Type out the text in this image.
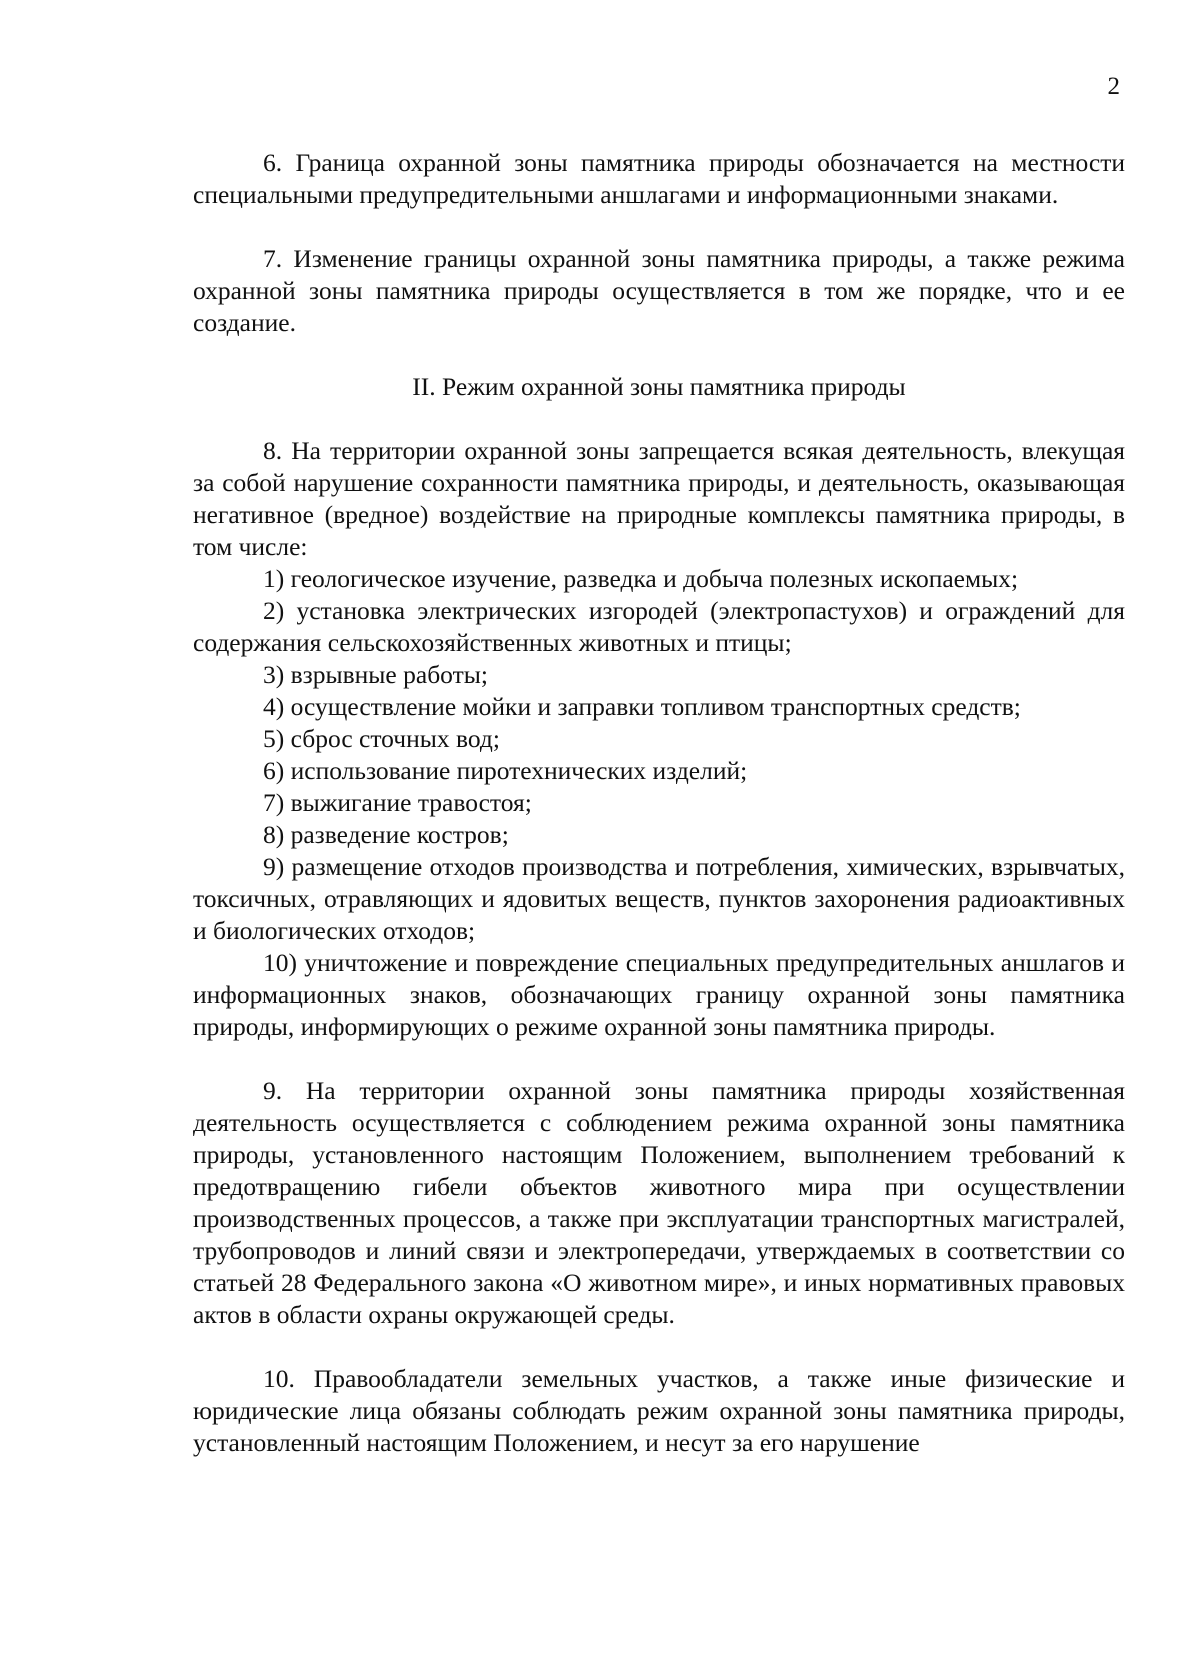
2

6. Граница охранной зоны памятника природы обозначается на местности специальными предупредительными аншлагами и информационными знаками.

7. Изменение границы охранной зоны памятника природы, а также режима охранной зоны памятника природы осуществляется в том же порядке, что и ее создание.

II. Режим охранной зоны памятника природы

8. На территории охранной зоны запрещается всякая деятельность, влекущая за собой нарушение сохранности памятника природы, и деятельность, оказывающая негативное (вредное) воздействие на природные комплексы памятника природы, в том числе:

1) геологическое изучение, разведка и добыча полезных ископаемых;

2) установка электрических изгородей (электропастухов) и ограждений для содержания сельскохозяйственных животных и птицы;

3) взрывные работы;

4) осуществление мойки и заправки топливом транспортных средств;

5) сброс сточных вод;

6) использование пиротехнических изделий;

7) выжигание травостоя;

8) разведение костров;

9) размещение отходов производства и потребления, химических, взрывчатых, токсичных, отравляющих и ядовитых веществ, пунктов захоронения радиоактивных и биологических отходов;

10) уничтожение и повреждение специальных предупредительных аншлагов и информационных знаков, обозначающих границу охранной зоны памятника природы, информирующих о режиме охранной зоны памятника природы.

9. На территории охранной зоны памятника природы хозяйственная деятельность осуществляется с соблюдением режима охранной зоны памятника природы, установленного настоящим Положением, выполнением требований к предотвращению гибели объектов животного мира при осуществлении производственных процессов, а также при эксплуатации транспортных магистралей, трубопроводов и линий связи и электропередачи, утверждаемых в соответствии со статьей 28 Федерального закона «О животном мире», и иных нормативных правовых актов в области охраны окружающей среды.

10. Правообладатели земельных участков, а также иные физические и юридические лица обязаны соблюдать режим охранной зоны памятника природы, установленный настоящим Положением, и несут за его нарушение
